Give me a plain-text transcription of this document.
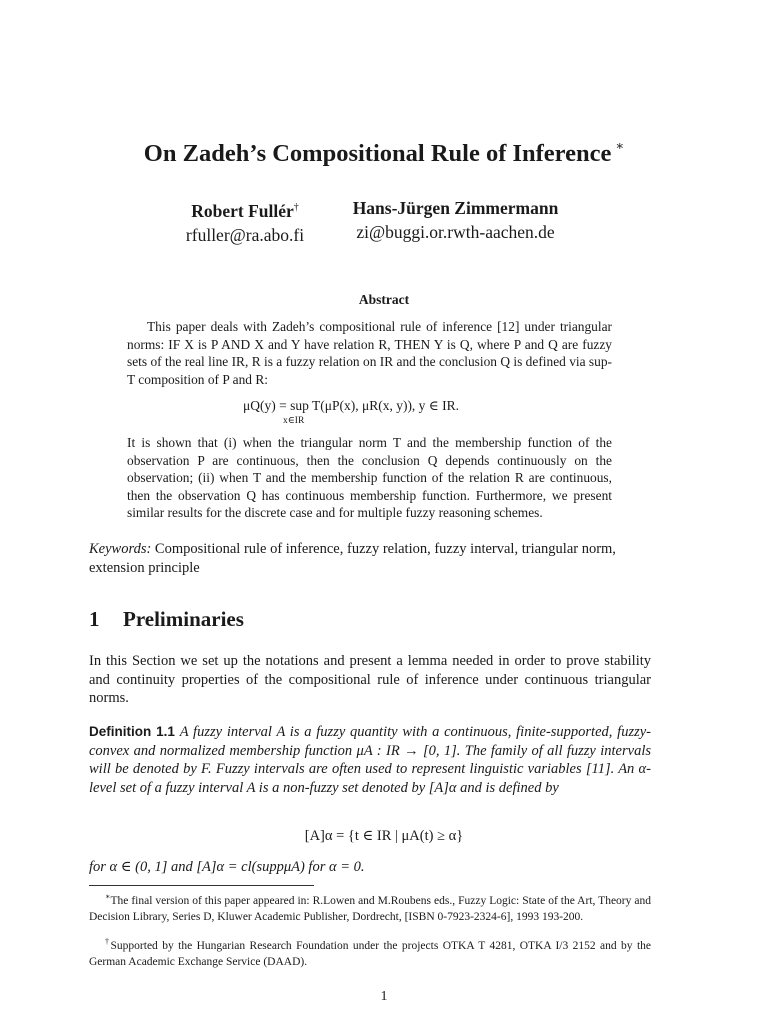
On Zadeh’s Compositional Rule of Inference ∗
Robert Fullér†
rfuller@ra.abo.fi
Hans-Jürgen Zimmermann
zi@buggi.or.rwth-aachen.de
Abstract

This paper deals with Zadeh’s compositional rule of inference [12] under triangular norms: IF X is P AND X and Y have relation R, THEN Y is Q, where P and Q are fuzzy sets of the real line IR, R is a fuzzy relation on IR and the conclusion Q is defined via sup-T composition of P and R:

μQ(y) = sup T(μP(x), μR(x, y)), y ∈ IR.
x∈IR

It is shown that (i) when the triangular norm T and the membership function of the observation P are continuous, then the conclusion Q depends continuously on the observation; (ii) when T and the membership function of the relation R are continuous, then the observation Q has continuous membership function. Furthermore, we present similar results for the discrete case and for multiple fuzzy reasoning schemes.

Keywords: Compositional rule of inference, fuzzy relation, fuzzy interval, triangular norm, extension principle

1 Preliminaries

In this Section we set up the notations and present a lemma needed in order to prove stability and continuity properties of the compositional rule of inference under continuous triangular norms.

Definition 1.1 A fuzzy interval A is a fuzzy quantity with a continuous, finite-supported, fuzzy-convex and normalized membership function μA : IR → [0, 1]. The family of all fuzzy intervals will be denoted by F. Fuzzy intervals are often used to represent linguistic variables [11]. An α-level set of a fuzzy interval A is a non-fuzzy set denoted by [A]α and is defined by

[A]α = {t ∈ IR | μA(t) ≥ α}
for α ∈ (0, 1] and [A]α = cl(suppμA) for α = 0.

∗The final version of this paper appeared in: R.Lowen and M.Roubens eds., Fuzzy Logic: State of the Art, Theory and Decision Library, Series D, Kluwer Academic Publisher, Dordrecht, [ISBN 0-7923-2324-6], 1993 193-200.

†Supported by the Hungarian Research Foundation under the projects OTKA T 4281, OTKA I/3 2152 and by the German Academic Exchange Service (DAAD).

1
